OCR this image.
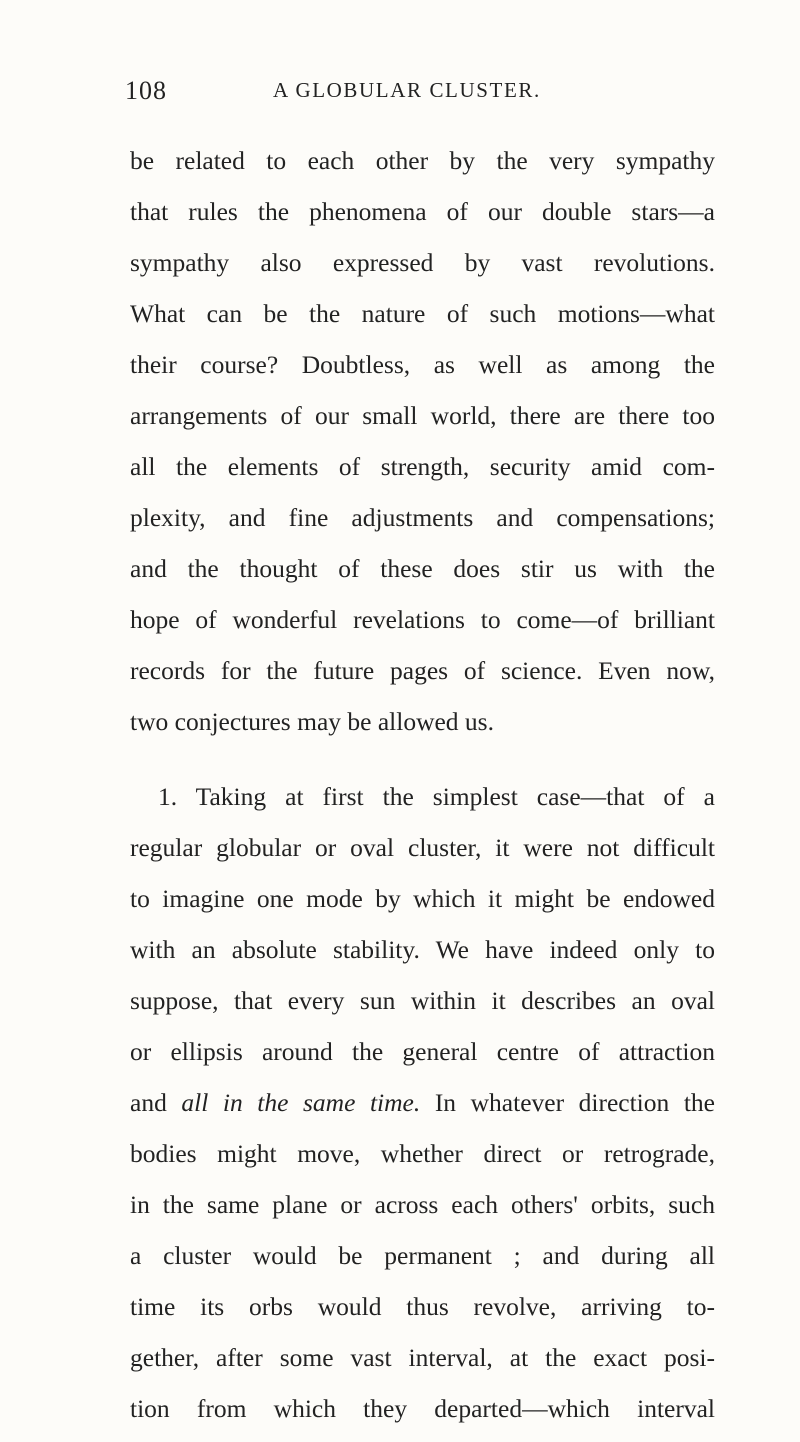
108	A GLOBULAR CLUSTER.
be related to each other by the very sympathy
that rules the phenomena of our double stars—a
sympathy also expressed by vast revolutions.
What can be the nature of such motions—what
their course? Doubtless, as well as among the
arrangements of our small world, there are there too
all the elements of strength, security amid com-
plexity, and fine adjustments and compensations;
and the thought of these does stir us with the
hope of wonderful revelations to come—of brilliant
records for the future pages of science. Even now,
two conjectures may be allowed us.
1. Taking at first the simplest case—that of a
regular globular or oval cluster, it were not difficult
to imagine one mode by which it might be endowed
with an absolute stability. We have indeed only to
suppose, that every sun within it describes an oval
or ellipsis around the general centre of attraction
and all in the same time. In whatever direction the
bodies might move, whether direct or retrograde,
in the same plane or across each others' orbits, such
a cluster would be permanent ; and during all
time its orbs would thus revolve, arriving to-
gether, after some vast interval, at the exact posi-
tion from which they departed—which interval
